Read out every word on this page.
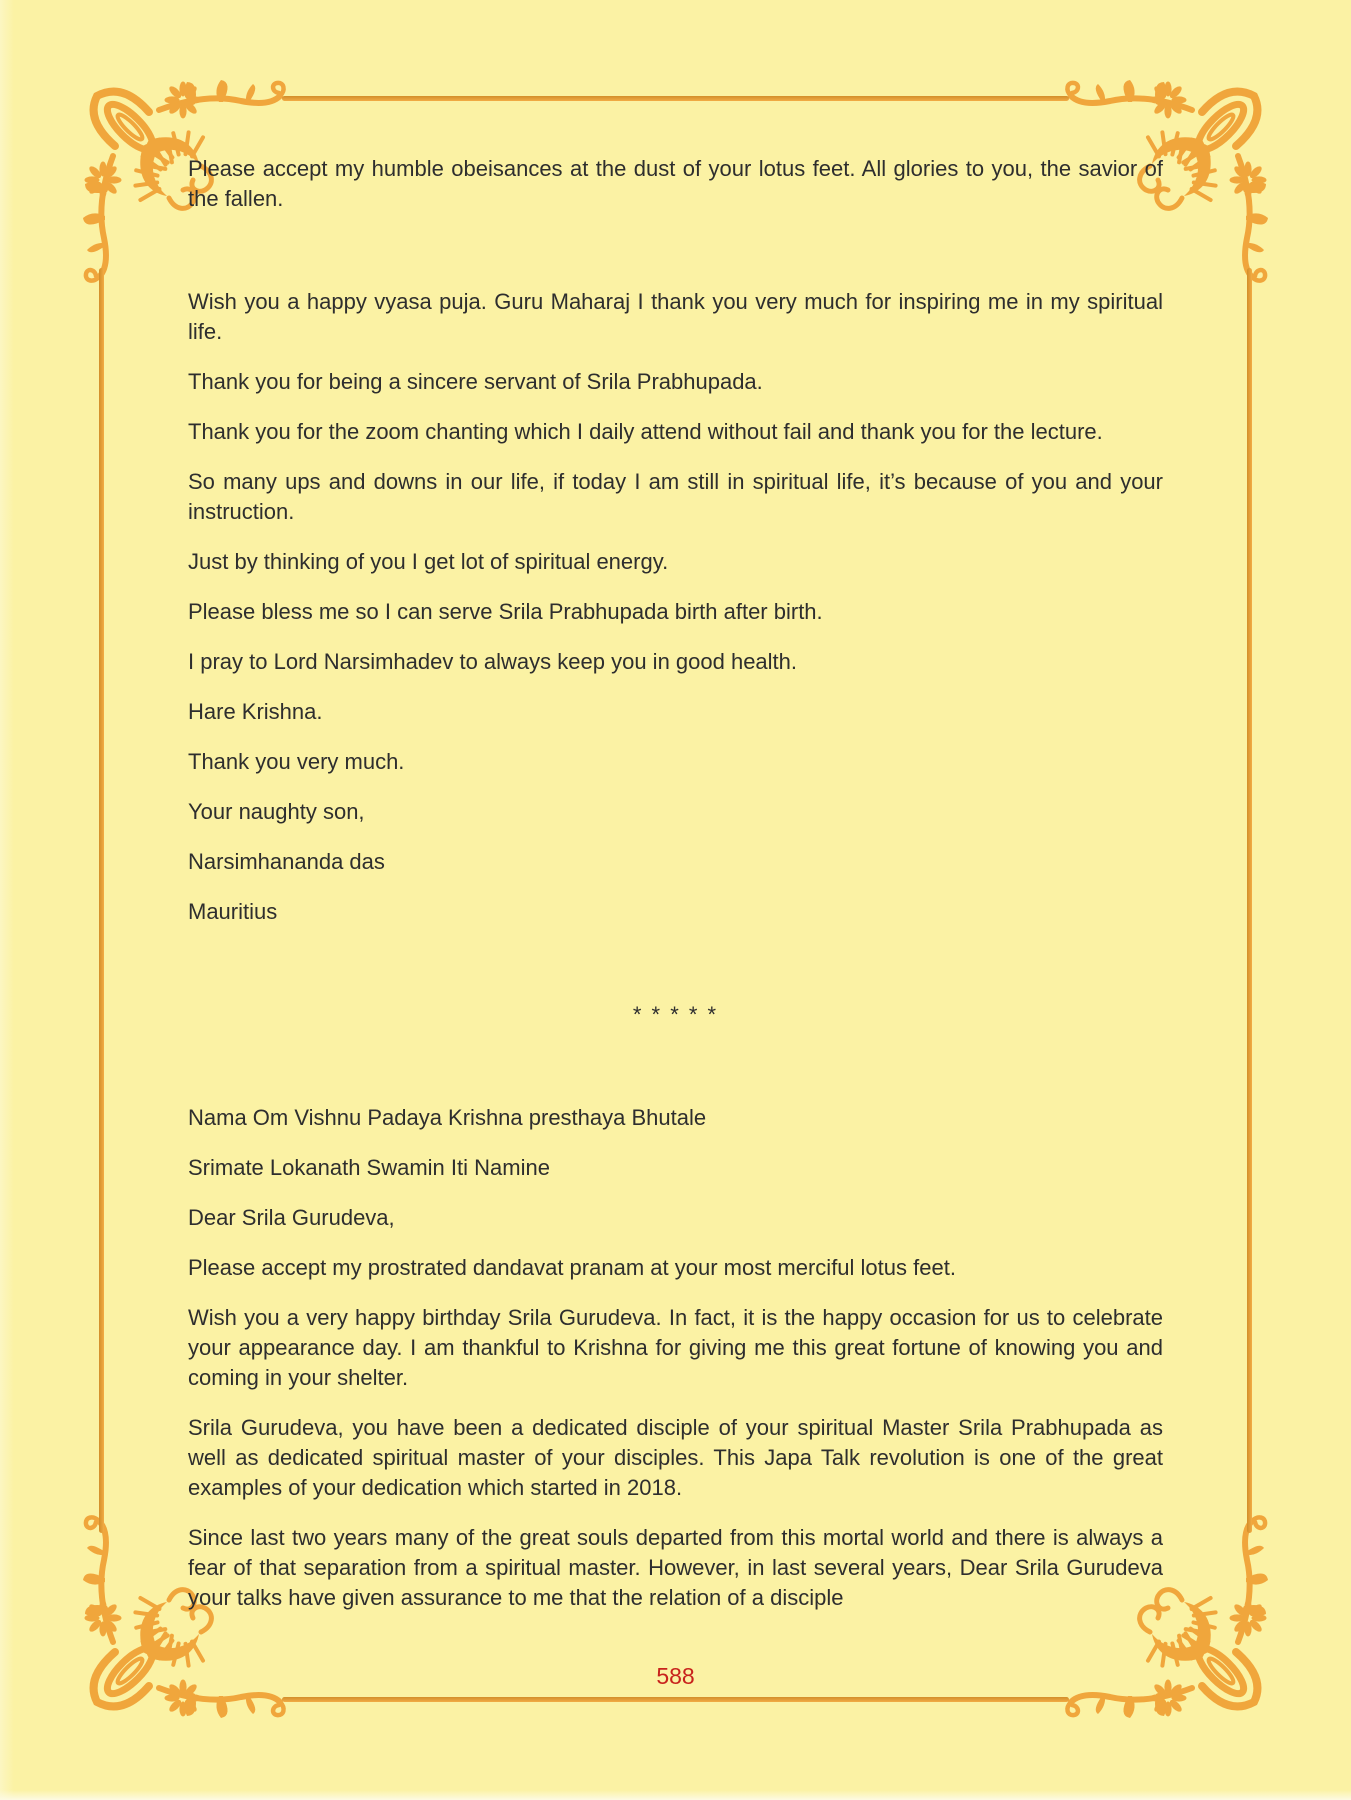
Please accept my humble obeisances at the dust of your lotus feet. All glories to you, the savior of the fallen.

Wish you a happy vyasa puja. Guru Maharaj I thank you very much for inspiring me in my spiritual life.

Thank you for being a sincere servant of Srila Prabhupada.

Thank you for the zoom chanting which I daily attend without fail and thank you for the lecture.

So many ups and downs in our life, if today I am still in spiritual life, it’s because of you and your instruction.

Just by thinking of you I get lot of spiritual energy.

Please bless me so I can serve Srila Prabhupada birth after birth.

I pray to Lord Narsimhadev to always keep you in good health.

Hare Krishna.

Thank you very much.

Your naughty son,

Narsimhananda das

Mauritius

* * * * *

Nama Om Vishnu Padaya Krishna presthaya Bhutale

Srimate Lokanath Swamin Iti Namine

Dear Srila Gurudeva,

Please accept my prostrated dandavat pranam at your most merciful lotus feet.

Wish you a very happy birthday Srila Gurudeva. In fact, it is the happy occasion for us to celebrate your appearance day. I am thankful to Krishna for giving me this great fortune of knowing you and coming in your shelter.

Srila Gurudeva, you have been a dedicated disciple of your spiritual Master Srila Prabhupada as well as dedicated spiritual master of your disciples. This Japa Talk revolution is one of the great examples of your dedication which started in 2018.

Since last two years many of the great souls departed from this mortal world and there is always a fear of that separation from a spiritual master. However, in last several years, Dear Srila Gurudeva your talks have given assurance to me that the relation of a disciple

588
